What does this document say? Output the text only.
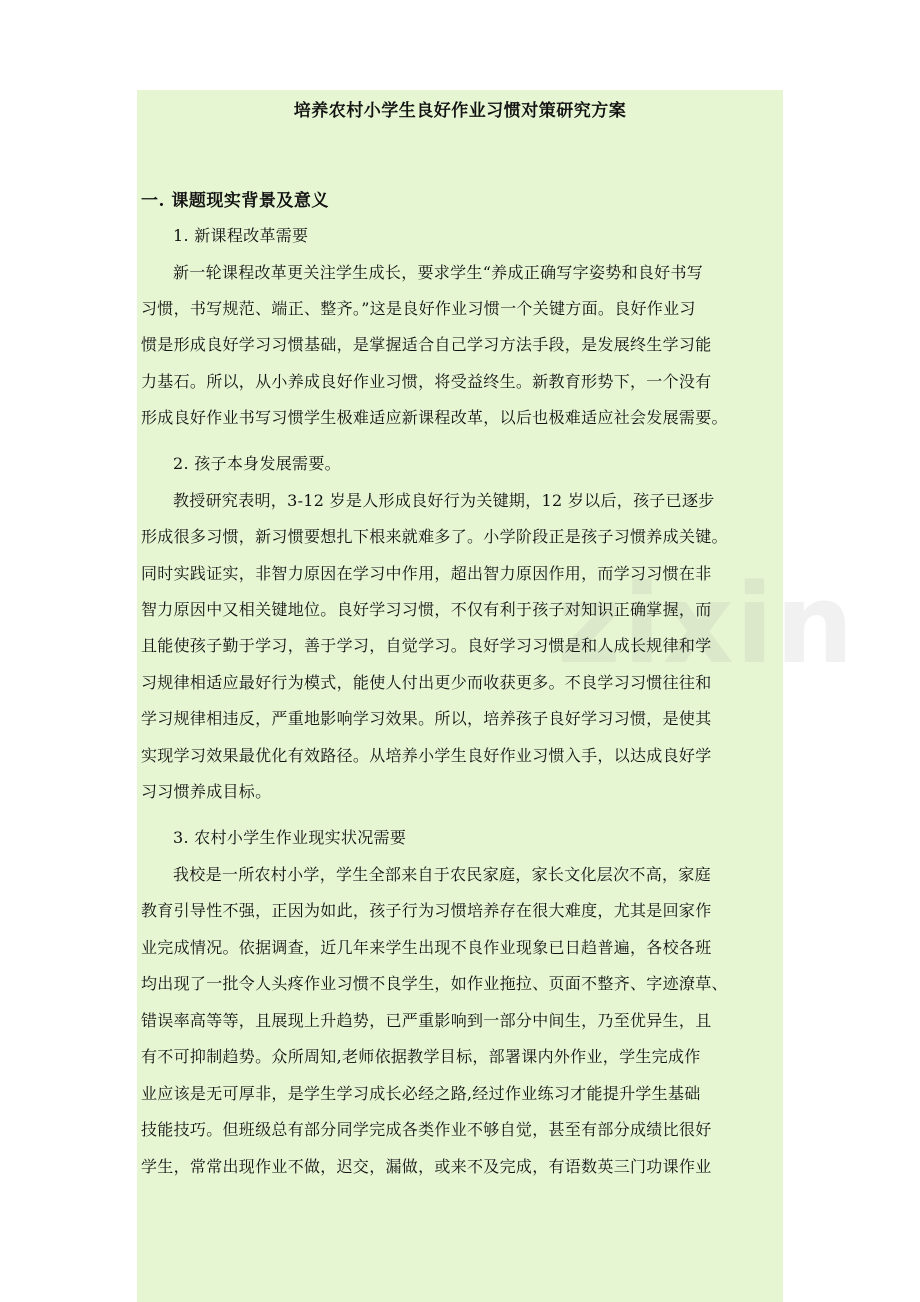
zixin
培养农村小学生良好作业习惯对策研究方案
一. 课题现实背景及意义
1. 新课程改革需要
新一轮课程改革更关注学生成长，要求学生“养成正确写字姿势和良好书写
习惯，书写规范、端正、整齐。”这是良好作业习惯一个关键方面。良好作业习
惯是形成良好学习习惯基础，是掌握适合自己学习方法手段，是发展终生学习能
力基石。所以，从小养成良好作业习惯，将受益终生。新教育形势下，一个没有
形成良好作业书写习惯学生极难适应新课程改革，以后也极难适应社会发展需要。
2. 孩子本身发展需要。
教授研究表明，3-12 岁是人形成良好行为关键期，12 岁以后，孩子已逐步
形成很多习惯，新习惯要想扎下根来就难多了。小学阶段正是孩子习惯养成关键。
同时实践证实，非智力原因在学习中作用，超出智力原因作用，而学习习惯在非
智力原因中又相关键地位。良好学习习惯，不仅有利于孩子对知识正确掌握，而
且能使孩子勤于学习，善于学习，自觉学习。良好学习习惯是和人成长规律和学
习规律相适应最好行为模式，能使人付出更少而收获更多。不良学习习惯往往和
学习规律相违反，严重地影响学习效果。所以，培养孩子良好学习习惯，是使其
实现学习效果最优化有效路径。从培养小学生良好作业习惯入手，以达成良好学
习习惯养成目标。
3. 农村小学生作业现实状况需要
我校是一所农村小学，学生全部来自于农民家庭，家长文化层次不高，家庭
教育引导性不强，正因为如此，孩子行为习惯培养存在很大难度，尤其是回家作
业完成情况。依据调查，近几年来学生出现不良作业现象已日趋普遍，各校各班
均出现了一批令人头疼作业习惯不良学生，如作业拖拉、页面不整齐、字迹潦草、
错误率高等等，且展现上升趋势，已严重影响到一部分中间生，乃至优异生，且
有不可抑制趋势。众所周知,老师依据教学目标，部署课内外作业，学生完成作
业应该是无可厚非，是学生学习成长必经之路,经过作业练习才能提升学生基础
技能技巧。但班级总有部分同学完成各类作业不够自觉，甚至有部分成绩比很好
学生，常常出现作业不做，迟交，漏做，或来不及完成，有语数英三门功课作业
